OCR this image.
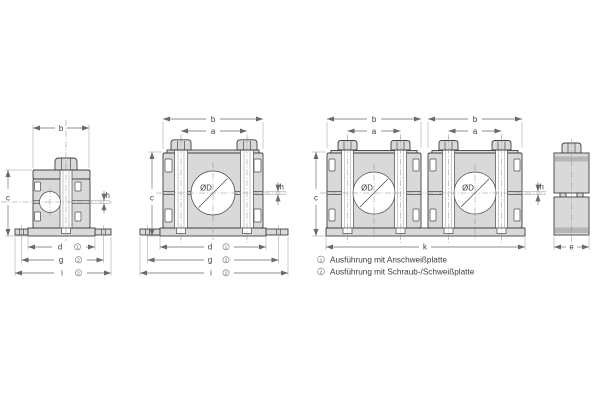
b
c	h
d	1
g	2
i	2
ØD
b
a
c
h
d	1
g	2
i	2
ØD	ØD
b	b
a	a
c
h
k	e
1 Ausführung mit Anschweißplatte
2 Ausführung mit Schraub-/Schweißplatte
